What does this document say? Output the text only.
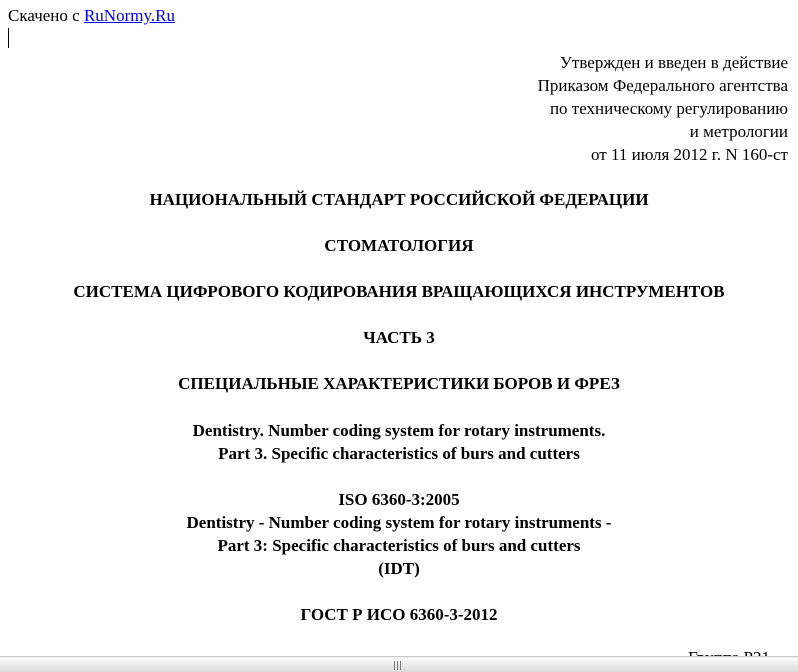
Скачено с RuNormy.Ru
Утвержден и введен в действие
Приказом Федерального агентства
по техническому регулированию
и метрологии
от 11 июля 2012 г. N 160-ст
НАЦИОНАЛЬНЫЙ СТАНДАРТ РОССИЙСКОЙ ФЕДЕРАЦИИ
СТОМАТОЛОГИЯ
СИСТЕМА ЦИФРОВОГО КОДИРОВАНИЯ ВРАЩАЮЩИХСЯ ИНСТРУМЕНТОВ
ЧАСТЬ 3
СПЕЦИАЛЬНЫЕ ХАРАКТЕРИСТИКИ БОРОВ И ФРЕЗ
Dentistry. Number coding system for rotary instruments.
Part 3. Specific characteristics of burs and cutters
ISO 6360-3:2005
Dentistry - Number coding system for rotary instruments -
Part 3: Specific characteristics of burs and cutters
(IDT)
ГОСТ Р ИСО 6360-3-2012
